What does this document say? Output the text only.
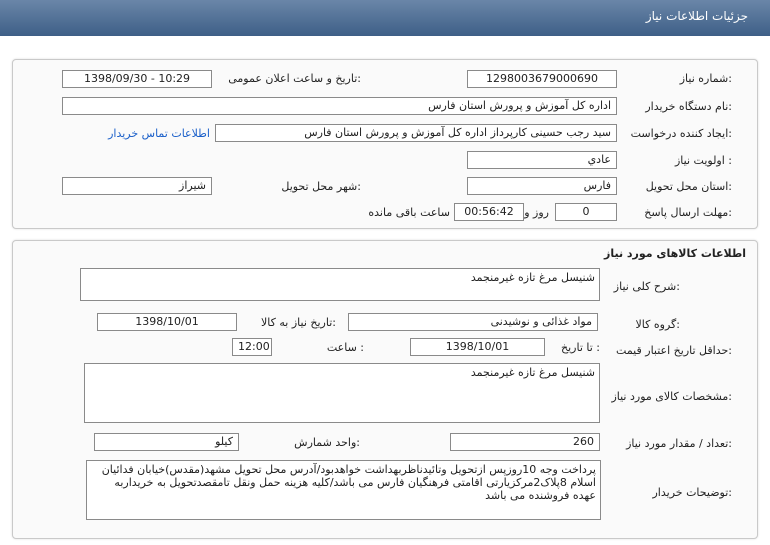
جزئیات اطلاعات نیاز
شماره نیاز:
1298003679000690
تاریخ و ساعت اعلان عمومی:
1398/09/30 - 10:29
نام دستگاه خریدار:
اداره کل آموزش و پرورش استان فارس
ایجاد کننده درخواست:
سید رجب حسینی کارپرداز اداره کل آموزش و پرورش استان فارس
اطلاعات تماس خریدار
اولویت نیاز :
عادي
استان محل تحویل:
فارس
شهر محل تحویل:
شیراز
مهلت ارسال پاسخ:
0
روز و
00:56:42
ساعت باقی مانده
اطلاعات کالاهای مورد نیاز
شرح کلی نیاز:
شنیسل مرغ تازه غیرمنجمد
گروه کالا:
مواد غذائی و نوشیدنی
تاریخ نیاز به کالا:
1398/10/01
حداقل تاریخ اعتبار قیمت:
تا تاریخ :
1398/10/01
ساعت :
12:00
مشخصات کالای مورد نیاز:
شنیسل مرغ تازه غیرمنجمد
تعداد / مقدار مورد نیاز:
260
واحد شمارش:
کیلو
توضیحات خریدار:
پرداخت وجه 10روزپس ازتحویل وتائیدناظربهداشت خواهدبود/آدرس محل تحویل مشهد(مقدس)خیابان فدائیان اسلام 8پلاک2مرکزیارتی اقامتی فرهنگیان فارس می باشد/کلیه هزینه حمل ونقل تامقصدتحویل به خریداربه عهده فروشنده می باشد
